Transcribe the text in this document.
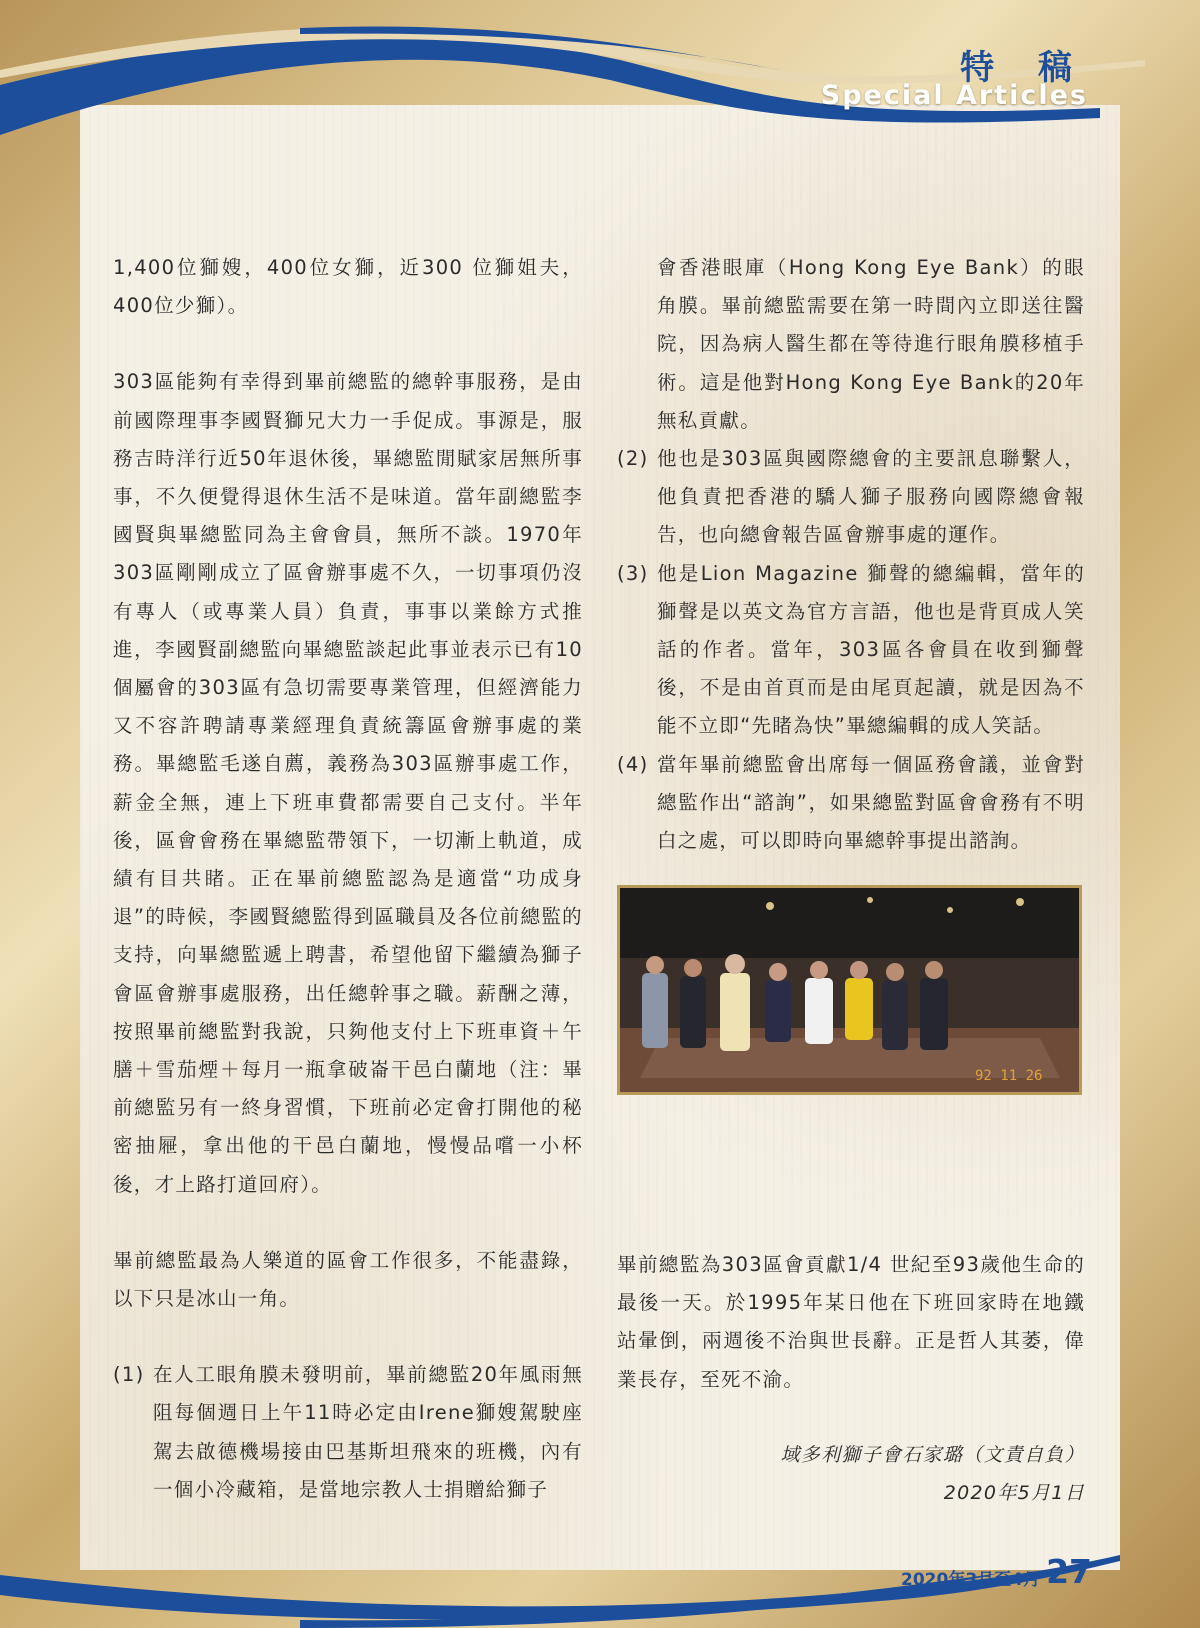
特 稿
Special Articles

1,400位獅嫂，400位女獅，近300 位獅姐夫，400位少獅）。

303區能夠有幸得到畢前總監的總幹事服務，是由前國際理事李國賢獅兄大力一手促成。事源是，服務吉時洋行近50年退休後，畢總監閒賦家居無所事事，不久便覺得退休生活不是味道。當年副總監李國賢與畢總監同為主會會員，無所不談。1970年303區剛剛成立了區會辦事處不久，一切事項仍沒有專人（或專業人員）負責，事事以業餘方式推進，李國賢副總監向畢總監談起此事並表示已有10個屬會的303區有急切需要專業管理，但經濟能力又不容許聘請專業經理負責統籌區會辦事處的業務。畢總監毛遂自薦，義務為303區辦事處工作，薪金全無，連上下班車費都需要自己支付。半年後，區會會務在畢總監帶領下，一切漸上軌道，成績有目共睹。正在畢前總監認為是適當“功成身退”的時候，李國賢總監得到區職員及各位前總監的支持，向畢總監遞上聘書，希望他留下繼續為獅子會區會辦事處服務，出任總幹事之職。薪酬之薄，按照畢前總監對我說，只夠他支付上下班車資＋午膳＋雪茄煙＋每月一瓶拿破崙干邑白蘭地（注：畢前總監另有一終身習慣，下班前必定會打開他的秘密抽屜，拿出他的干邑白蘭地，慢慢品嚐一小杯後，才上路打道回府）。

畢前總監最為人樂道的區會工作很多，不能盡錄，以下只是冰山一角。

(1) 在人工眼角膜未發明前，畢前總監20年風雨無阻每個週日上午11時必定由Irene獅嫂駕駛座駕去啟德機場接由巴基斯坦飛來的班機，內有一個小冷藏箱，是當地宗教人士捐贈給獅子
會香港眼庫（Hong Kong Eye Bank）的眼角膜。畢前總監需要在第一時間內立即送往醫院，因為病人醫生都在等待進行眼角膜移植手術。這是他對Hong Kong Eye Bank的20年無私貢獻。
(2) 他也是303區與國際總會的主要訊息聯繫人，他負責把香港的驕人獅子服務向國際總會報告，也向總會報告區會辦事處的運作。
(3) 他是Lion Magazine 獅聲的總編輯，當年的獅聲是以英文為官方言語，他也是背頁成人笑話的作者。當年，303區各會員在收到獅聲後，不是由首頁而是由尾頁起讀，就是因為不能不立即“先睹為快”畢總編輯的成人笑話。
(4) 當年畢前總監會出席每一個區務會議，並會對總監作出“諮詢”，如果總監對區會會務有不明白之處，可以即時向畢總幹事提出諮詢。
92 11 26

畢前總監為303區會貢獻1/4 世紀至93歲他生命的最後一天。於1995年某日他在下班回家時在地鐵站暈倒，兩週後不治與世長辭。正是哲人其萎，偉業長存，至死不渝。

域多利獅子會石家璐（文責自負）
2020年5月1日
2020年3月至4月 27
